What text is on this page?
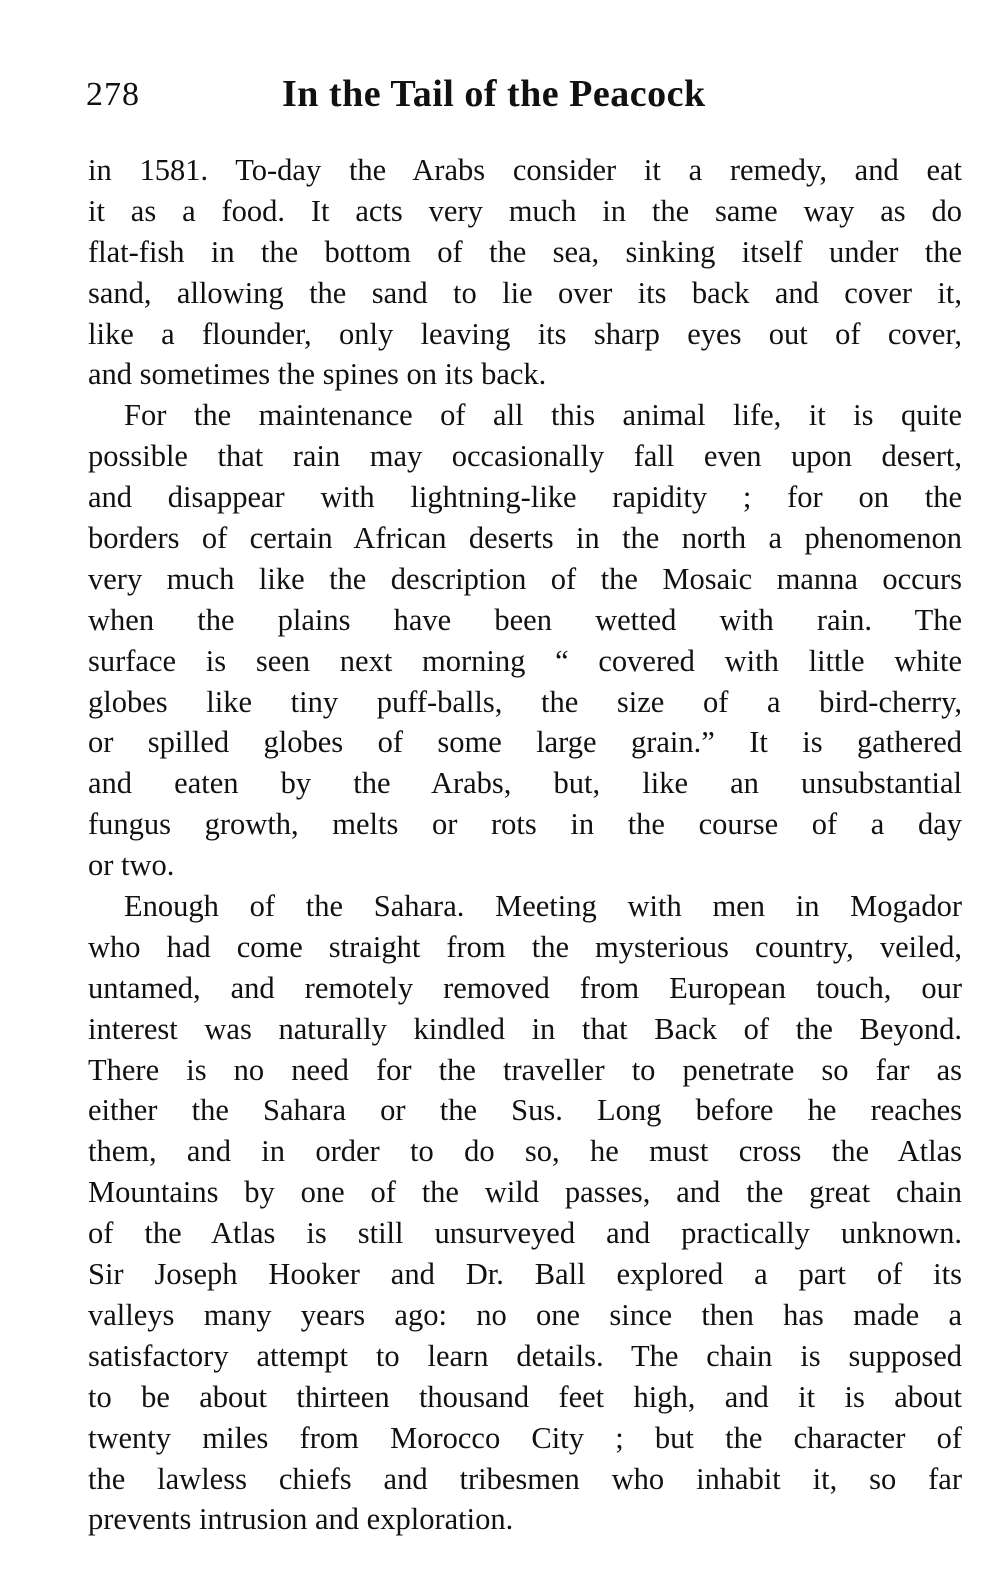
278	In the Tail of the Peacock
in 1581. To-day the Arabs consider it a remedy, and eat
it as a food. It acts very much in the same way as do
flat-fish in the bottom of the sea, sinking itself under the
sand, allowing the sand to lie over its back and cover it,
like a flounder, only leaving its sharp eyes out of cover,
and sometimes the spines on its back.
For the maintenance of all this animal life, it is quite
possible that rain may occasionally fall even upon desert,
and disappear with lightning-like rapidity ; for on the
borders of certain African deserts in the north a phenomenon
very much like the description of the Mosaic manna occurs
when the plains have been wetted with rain. The
surface is seen next morning “ covered with little white
globes like tiny puff-balls, the size of a bird-cherry,
or spilled globes of some large grain.” It is gathered
and eaten by the Arabs, but, like an unsubstantial
fungus growth, melts or rots in the course of a day
or two.
Enough of the Sahara. Meeting with men in Mogador
who had come straight from the mysterious country, veiled,
untamed, and remotely removed from European touch, our
interest was naturally kindled in that Back of the Beyond.
There is no need for the traveller to penetrate so far as
either the Sahara or the Sus. Long before he reaches
them, and in order to do so, he must cross the Atlas
Mountains by one of the wild passes, and the great chain
of the Atlas is still unsurveyed and practically unknown.
Sir Joseph Hooker and Dr. Ball explored a part of its
valleys many years ago: no one since then has made a
satisfactory attempt to learn details. The chain is supposed
to be about thirteen thousand feet high, and it is about
twenty miles from Morocco City ; but the character of
the lawless chiefs and tribesmen who inhabit it, so far
prevents intrusion and exploration.
